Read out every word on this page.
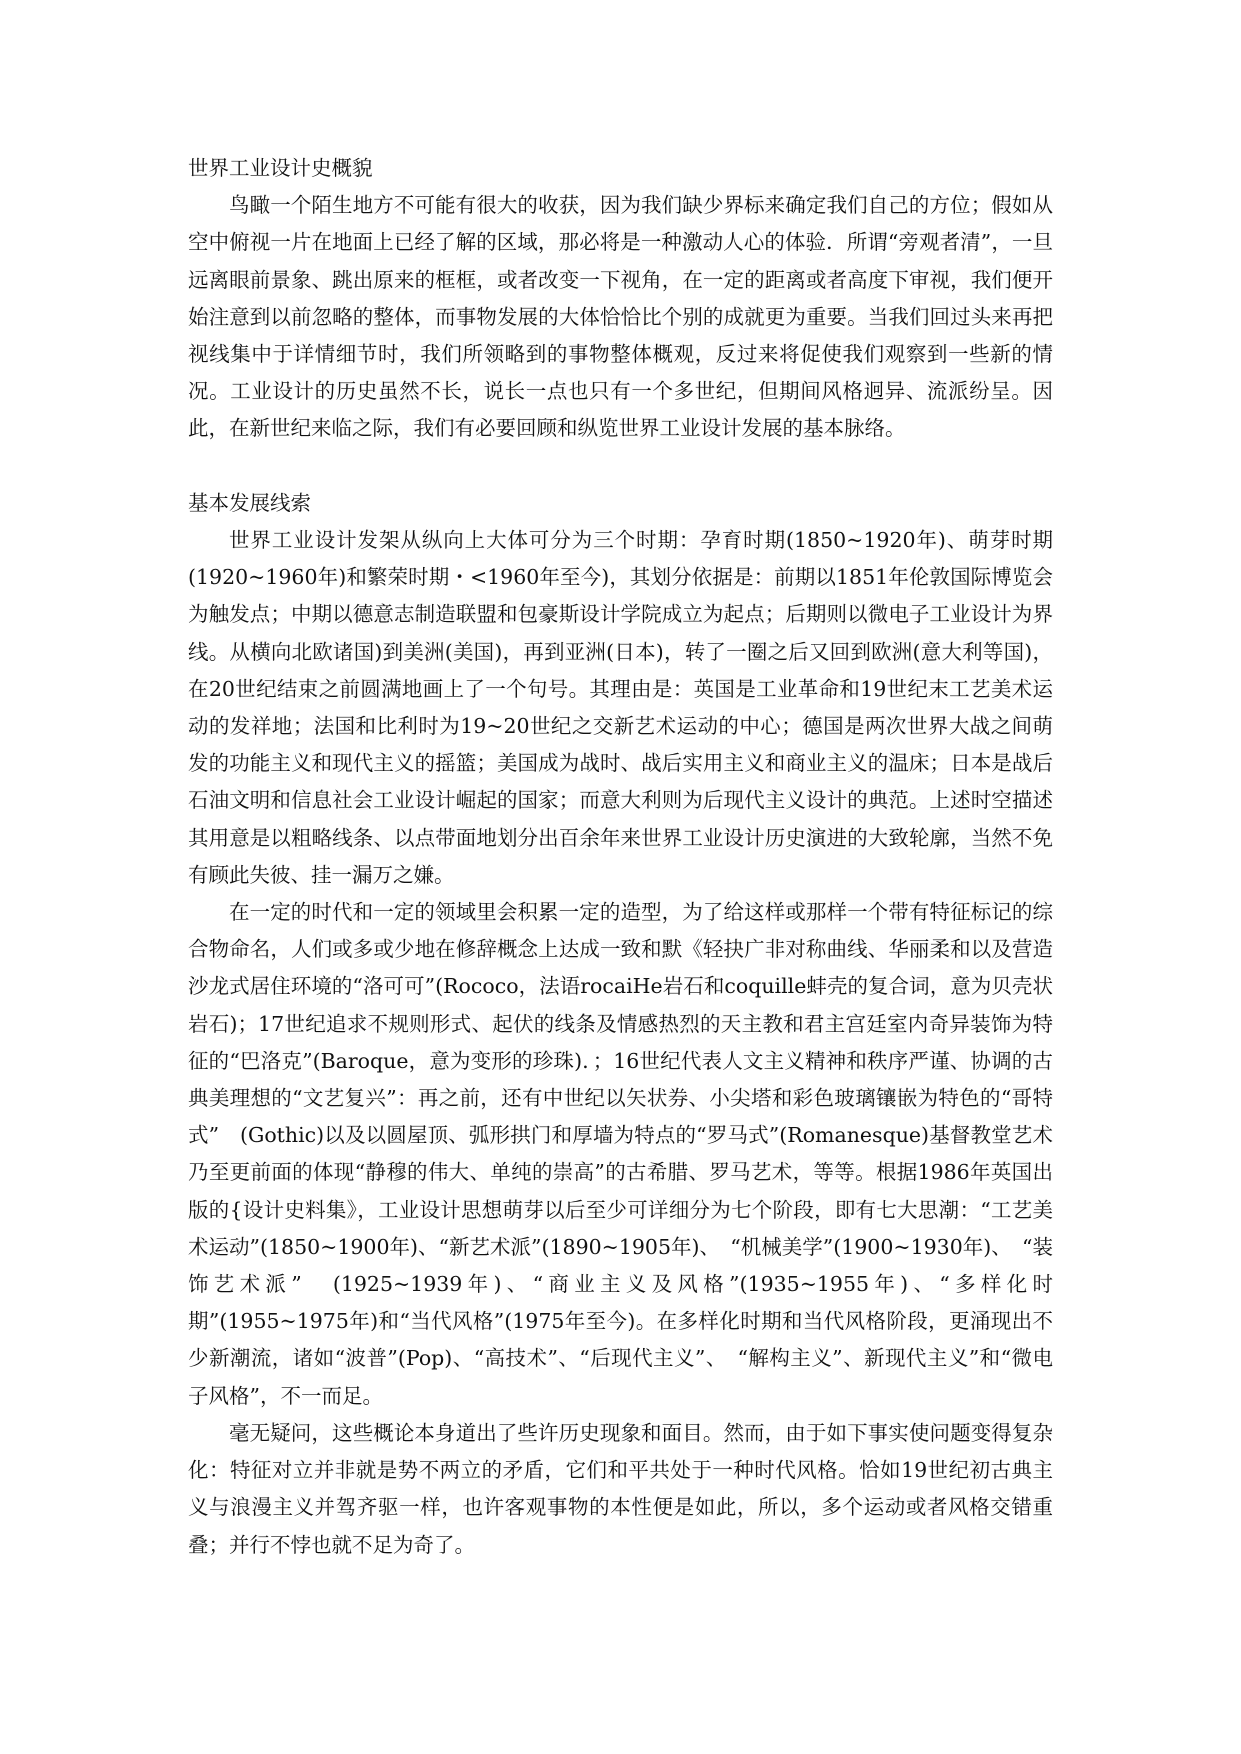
世界工业设计史概貌

鸟瞰一个陌生地方不可能有很大的收获，因为我们缺少界标来确定我们自己的方位；假如从空中俯视一片在地面上已经了解的区域，那必将是一种激动人心的体验．所谓“旁观者清”，一旦远离眼前景象、跳出原来的框框，或者改变一下视角，在一定的距离或者高度下审视，我们便开始注意到以前忽略的整体，而事物发展的大体恰恰比个别的成就更为重要。当我们回过头来再把视线集中于详情细节时，我们所领略到的事物整体概观，反过来将促使我们观察到一些新的情况。工业设计的历史虽然不长，说长一点也只有一个多世纪，但期间风格迥异、流派纷呈。因此，在新世纪来临之际，我们有必要回顾和纵览世界工业设计发展的基本脉络。

基本发展线索

世界工业设计发架从纵向上大体可分为三个时期：孕育时期(1850~1920年)、萌芽时期(1920~1960年)和繁荣时期・<1960年至今)，其划分依据是：前期以1851年伦敦国际博览会为触发点；中期以德意志制造联盟和包豪斯设计学院成立为起点；后期则以微电子工业设计为界线。从横向北欧诸国)到美洲(美国)，再到亚洲(日本)，转了一圈之后又回到欧洲(意大利等国)，在20世纪结束之前圆满地画上了一个句号。其理由是：英国是工业革命和19世纪末工艺美术运动的发祥地；法国和比利时为19~20世纪之交新艺术运动的中心；德国是两次世界大战之间萌发的功能主义和现代主义的摇篮；美国成为战时、战后实用主义和商业主义的温床；日本是战后石油文明和信息社会工业设计崛起的国家；而意大利则为后现代主义设计的典范。上述时空描述其用意是以粗略线条、以点带面地划分出百余年来世界工业设计历史演进的大致轮廓，当然不免有顾此失彼、挂一漏万之嫌。

在一定的时代和一定的领域里会积累一定的造型，为了给这样或那样一个带有特征标记的综合物命名，人们或多或少地在修辞概念上达成一致和默《轻抉广非对称曲线、华丽柔和以及营造沙龙式居住环境的“洛可可”(Rococo，法语rocaiHe岩石和coquille蚌壳的复合词，意为贝壳状岩石)；17世纪追求不规则形式、起伏的线条及情感热烈的天主教和君主宫廷室内奇异装饰为特征的“巴洛克”(Baroque，意为变形的珍珠)．；16世纪代表人文主义精神和秩序严谨、协调的古典美理想的“文艺复兴”：再之前，还有中世纪以矢状券、小尖塔和彩色玻璃镶嵌为特色的“哥特式”　(Gothic)以及以圆屋顶、弧形拱门和厚墙为特点的“罗马式”(Romanesque)基督教堂艺术乃至更前面的体现“静穆的伟大、单纯的崇高”的古希腊、罗马艺术，等等。根据1986年英国出版的{设计史料集》，工业设计思想萌芽以后至少可详细分为七个阶段，即有七大思潮：“工艺美术运动”(1850~1900年)、“新艺术派”(1890~1905年)、　“机械美学”(1900~1930年)、　“装饰艺术派”　(1925~1939年)、“商业主义及风格”(1935~1955年)、“多样化时期”(1955~1975年)和“当代风格”(1975年至今)。在多样化时期和当代风格阶段，更涌现出不少新潮流，诸如“波普”(Pop)、“高技术”、“后现代主义”、　“解构主义”、新现代主义”和“微电子风格”，不一而足。

毫无疑问，这些概论本身道出了些许历史现象和面目。然而，由于如下事实使问题变得复杂化：特征对立并非就是势不两立的矛盾，它们和平共处于一种时代风格。恰如19世纪初古典主义与浪漫主义并驾齐驱一样，也许客观事物的本性便是如此，所以，多个运动或者风格交错重叠；并行不悖也就不足为奇了。
